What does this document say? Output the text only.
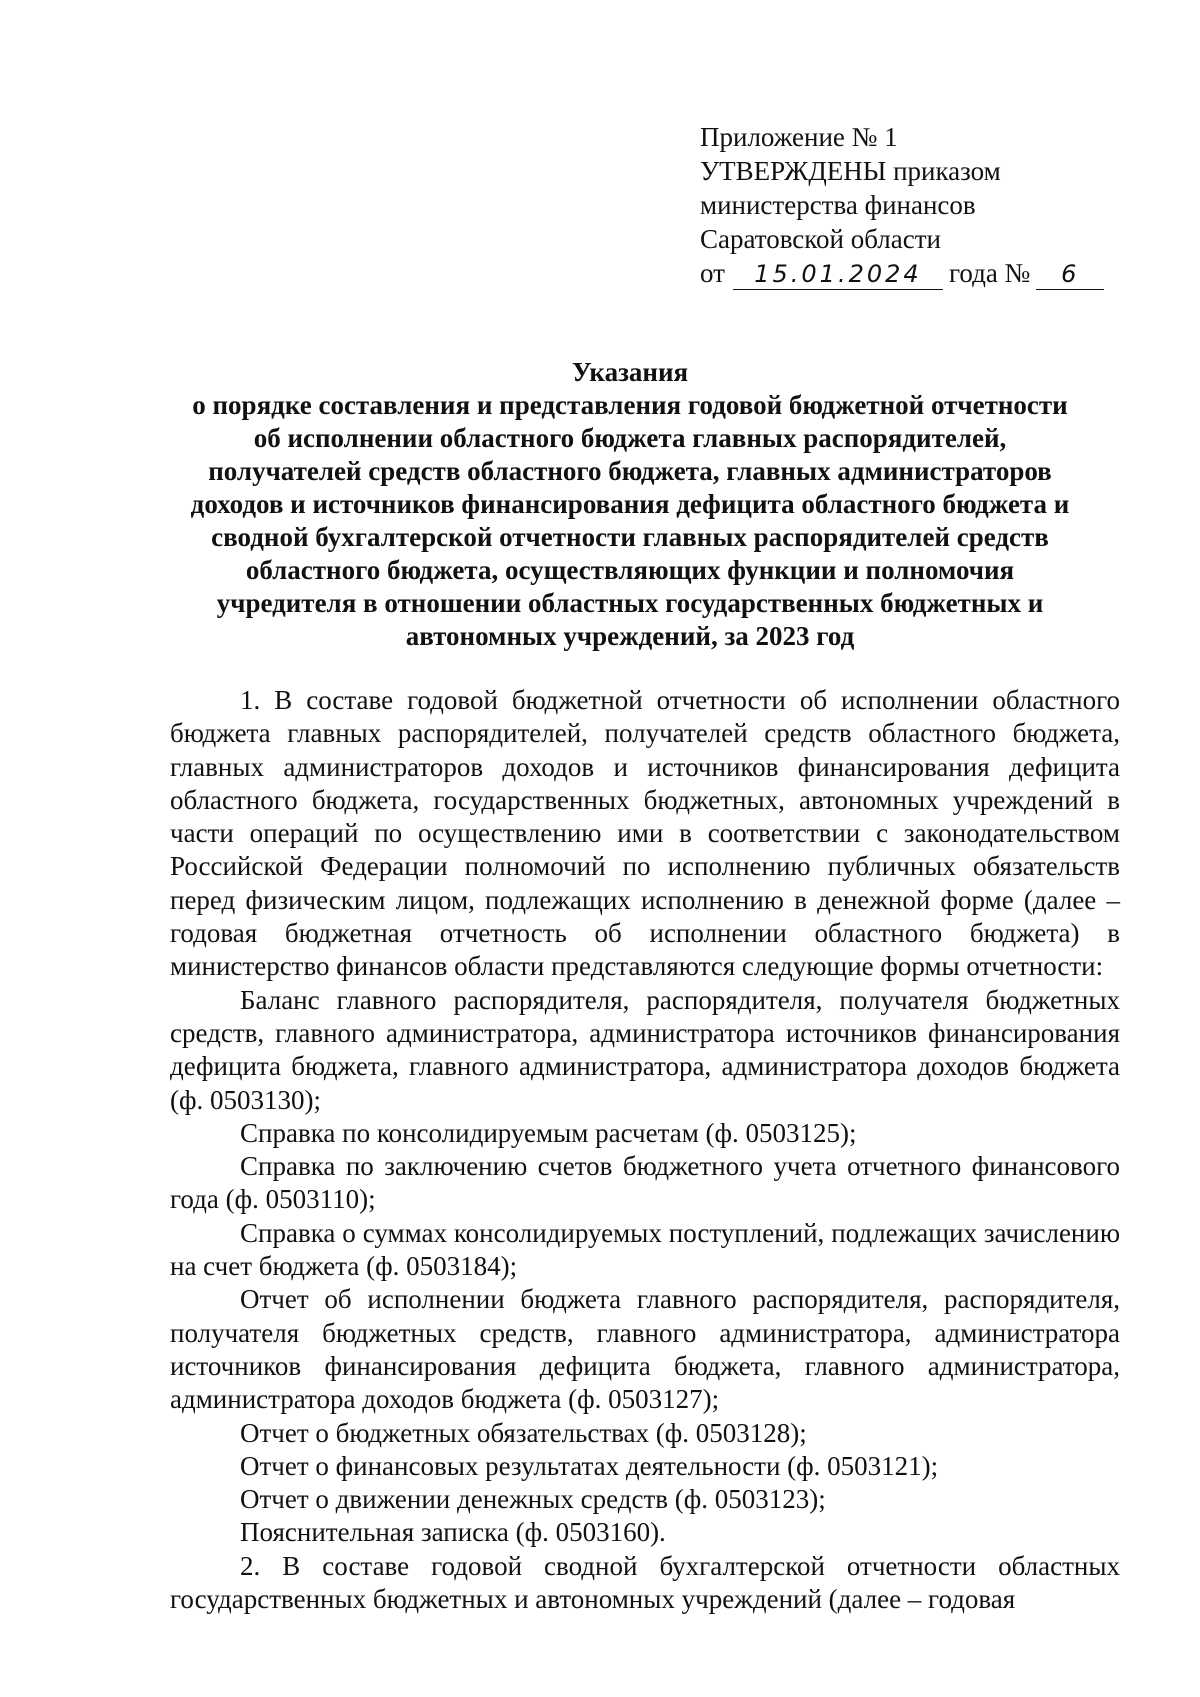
Приложение № 1
УТВЕРЖДЕНЫ приказом
министерства финансов
Саратовской области
от 15.01.2024 года № 6
Указания
о порядке составления и представления годовой бюджетной отчетности
об исполнении областного бюджета главных распорядителей,
получателей средств областного бюджета, главных администраторов
доходов и источников финансирования дефицита областного бюджета и
сводной бухгалтерской отчетности главных распорядителей средств
областного бюджета, осуществляющих функции и полномочия
учредителя в отношении областных государственных бюджетных и
автономных учреждений, за 2023 год

1. В составе годовой бюджетной отчетности об исполнении областного бюджета главных распорядителей, получателей средств областного бюджета, главных администраторов доходов и источников финансирования дефицита областного бюджета, государственных бюджетных, автономных учреждений в части операций по осуществлению ими в соответствии с законодательством Российской Федерации полномочий по исполнению публичных обязательств перед физическим лицом, подлежащих исполнению в денежной форме (далее – годовая бюджетная отчетность об исполнении областного бюджета) в министерство финансов области представляются следующие формы отчетности:

Баланс главного распорядителя, распорядителя, получателя бюджетных средств, главного администратора, администратора источников финансирования дефицита бюджета, главного администратора, администратора доходов бюджета (ф. 0503130);

Справка по консолидируемым расчетам (ф. 0503125);

Справка по заключению счетов бюджетного учета отчетного финансового года (ф. 0503110);

Справка о суммах консолидируемых поступлений, подлежащих зачислению на счет бюджета (ф. 0503184);

Отчет об исполнении бюджета главного распорядителя, распорядителя, получателя бюджетных средств, главного администратора, администратора источников финансирования дефицита бюджета, главного администратора, администратора доходов бюджета (ф. 0503127);

Отчет о бюджетных обязательствах (ф. 0503128);

Отчет о финансовых результатах деятельности (ф. 0503121);

Отчет о движении денежных средств (ф. 0503123);

Пояснительная записка (ф. 0503160).

2. В составе годовой сводной бухгалтерской отчетности областных государственных бюджетных и автономных учреждений (далее – годовая
